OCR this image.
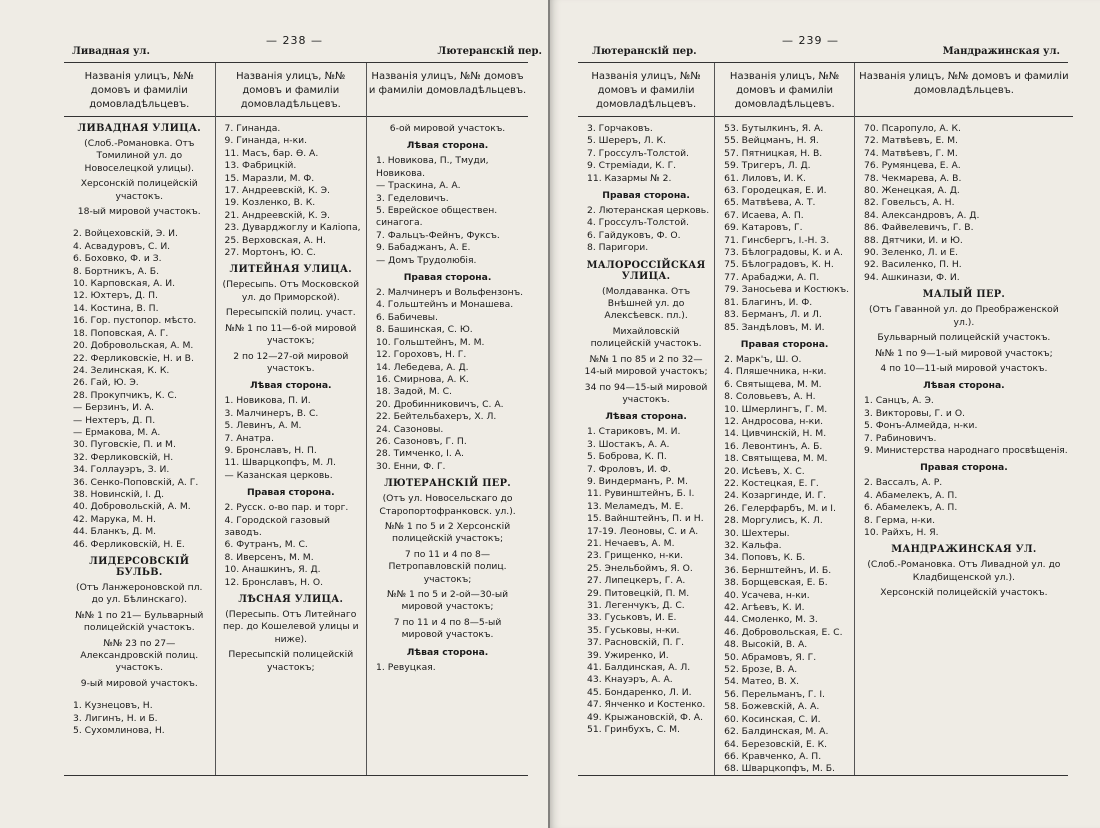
— 238 —
Ливадная ул.	Лютеранскій пер.
Названія улицъ, №№ домовъ и фамиліи домовладѣльцевъ.
ЛИВАДНАЯ УЛИЦА.
(Слоб.-Романовка. Отъ Томилиной ул. до Новоселецкой улицы).
Херсонскій полицейскій участокъ.
18-ый мировой участокъ.
2. Войцеховскій, Э. И.
4. Асвадуровъ, С. И.
6. Боховко, Ф. и З.
8. Бортникъ, А. Б.
10. Карповская, А. И.
12. Юхтеръ, Д. П.
14. Костина, В. П.
16. Гор. пустопор. мѣсто.
18. Поповская, А. Г.
20. Добровольская, А. М.
22. Ферликовскіе, Н. и В.
24. Зелинская, К. К.
26. Гай, Ю. Э.
28. Прокупчикъ, К. С.
— Берзинъ, И. А.
— Нехтеръ, Д. П.
— Ермакова, М. А.
30. Пуговскіе, П. и М.
32. Ферликовскій, Н.
34. Голлауэръ, З. И.
36. Сенко-Поповскій, А. Г.
38. Новинскій, І. Д.
40. Добровольскій, А. М.
42. Марука, М. Н.
44. Бланкъ, Д. М.
46. Ферликовскій, Н. Е.
ЛИДЕРСОВСКІЙ БУЛЬВ.
(Отъ Ланжероновской пл. до ул. Бѣлинскаго).
№№ 1 по 21— Бульварный полицейскій участокъ.
№№ 23 по 27—Александровскій полиц. участокъ.
9-ый мировой участокъ.
1. Кузнецовъ, Н.
3. Лигинъ, Н. и Б.
5. Сухомлинова, Н.
Названія улицъ, №№ домовъ и фамиліи домовладѣльцевъ.
7. Гинанда.
9. Гинанда, н-ки.
11. Масъ, бар. Ѳ. А.
13. Фабрицкій.
15. Маразли, М. Ф.
17. Андреевскій, К. Э.
19. Козленко, В. К.
21. Андреевскій, К. Э.
23. Дуварджоглу и Калiопа,
25. Верховская, А. Н.
27. Мортонъ, Ю. С.
ЛИТЕЙНАЯ УЛИЦА.
(Пересыпь. Отъ Московской ул. до Приморской).
Пересыпскій полиц. участ.
№№ 1 по 11—6-ой мировой участокъ;
2 по 12—27-ой мировой участокъ.
Лѣвая сторона.
1. Новикова, П. И.
3. Малчинеръ, В. С.
5. Левинъ, А. М.
7. Анатра.
9. Бронславъ, Н. П.
11. Шварцкопфъ, М. Л.
— Казанская церковь.
Правая сторона.
2. Русск. о-во пар. и торг.
4. Городской газовый
заводъ.
6. Футранъ, М. С.
8. Иверсенъ, М. М.
10. Анашкинъ, Я. Д.
12. Бронславъ, Н. О.
ЛѢСНАЯ УЛИЦА.
(Пересыпь. Отъ Литейнаго пер. до Кошелевой улицы и ниже).
Пересыпскій полицейскій участокъ;
Названія улицъ, №№ домовъ и фамиліи домовладѣльцевъ.
6-ой мировой участокъ.
Лѣвая сторона.
1. Новикова, П., Тмуди,
Новикова.
— Траскина, А. А.
3. Геделовичъ.
5. Еврейское обществен.
синагога.
7. Фальцъ-Фейнъ, Фуксъ.
9. Бабаджанъ, А. Е.
— Домъ Трудолюбія.
Правая сторона.
2. Малчинеръ и Вольфензонъ.
4. Гольштейнъ и Монашева.
6. Бабичевы.
8. Башинская, С. Ю.
10. Гольштейнъ, М. М.
12. Гороховъ, Н. Г.
14. Лебедева, А. Д.
16. Смирнова, А. К.
18. Задой, М. С.
20. Дробинниковичъ, С. А.
22. Бейтельбахеръ, Х. Л.
24. Сазоновы.
26. Сазоновъ, Г. П.
28. Тимченко, І. А.
30. Енни, Ф. Г.
ЛЮТЕРАНСКІЙ ПЕР.
(Отъ ул. Новосельскаго до Старопортофранковск. ул.).
№№ 1 по 5 и 2 Херсонскій полицейскій участокъ;
7 по 11 и 4 по 8—Петропавловскій полиц. участокъ;
№№ 1 по 5 и 2-ой—30-ый мировой участокъ;
7 по 11 и 4 по 8—5-ый мировой участокъ.
Лѣвая сторона.
1. Ревуцкая.
— 239 —
Лютеранскій пер.	Мандражинская ул.
Названія улицъ, №№ домовъ и фамиліи домовладѣльцевъ.
3. Горчаковъ.
5. Шереръ, Л. К.
7. Гроссулъ-Толстой.
9. Стреміади, К. Г.
11. Казармы № 2.
Правая сторона.
2. Лютеранская церковь.
4. Гроссулъ-Толстой.
6. Гайдуковъ, Ф. О.
8. Паригори.
МАЛОРОССІЙСКАЯ УЛИЦА.
(Молдаванка. Отъ Внѣшней ул. до Алексѣевск. пл.).
Михайловскій полицейскій участокъ.
№№ 1 по 85 и 2 по 32— 14-ый мировой участокъ;
34 по 94—15-ый мировой участокъ.
Лѣвая сторона.
1. Стариковъ, М. И.
3. Шостакъ, А. А.
5. Боброва, К. П.
7. Фроловъ, И. Ф.
9. Виндерманъ, Р. М.
11. Рувинштейнъ, Б. І.
13. Меламедъ, М. Е.
15. Вайнштейнъ, П. и Н.
17-19. Леоновы, С. и А.
21. Нечаевъ, А. М.
23. Грищенко, н-ки.
25. Энельбоймъ, Я. О.
27. Липецкеръ, Г. А.
29. Питовецкій, П. М.
31. Легенчукъ, Д. С.
33. Гуськовъ, И. Е.
35. Гуськовы, н-ки.
37. Расновскій, П. Г.
39. Ужиренко, И.
41. Балдинская, А. Л.
43. Кнауэръ, А. А.
45. Бондаренко, Л. И.
47. Янченко и Костенко.
49. Крыжановскій, Ф. А.
51. Гринбухъ, С. М.
Названія улицъ, №№ домовъ и фамиліи домовладѣльцевъ.
53. Бутылкинъ, Я. А.
55. Вейцманъ, Н. Я.
57. Пятницкая, Н. В.
59. Тригеръ, Л. Д.
61. Лиловъ, И. К.
63. Городецкая, Е. И.
65. Матвѣева, А. Т.
67. Исаева, А. П.
69. Катаровъ, Г.
71. Гинсбергъ, І.-Н. З.
73. Бѣлоградовы, К. и А.
75. Бѣлоградовъ, К. Н.
77. Арабаджи, А. П.
79. Заносьева и Костюкъ.
81. Благинъ, И. Ф.
83. Берманъ, Л. и Л.
85. Зандѣловъ, М. И.
Правая сторона.
2. Марк'ъ, Ш. О.
4. Пляшечника, н-ки.
6. Святыщева, М. М.
8. Соловьевъ, А. Н.
10. Шмерлингъ, Г. М.
12. Андросова, н-ки.
14. Цивчинскій, Н. М.
16. Левонтинъ, А. Б.
18. Святыщева, М. М.
20. Исѣевъ, Х. С.
22. Костецкая, Е. Г.
24. Козаргинде, И. Г.
26. Гелерфарбъ, М. и І.
28. Моргулисъ, К. Л.
30. Шехтеры.
32. Кальфа.
34. Поповъ, К. Б.
36. Бернштейнъ, И. Б.
38. Борщевская, Е. Б.
40. Усачева, н-ки.
42. Агѣевъ, К. И.
44. Смоленко, М. З.
46. Добровольская, Е. С.
48. Высокій, В. А.
50. Абрамовъ, Я. Г.
52. Брозе, В. А.
54. Матео, В. Х.
56. Перельманъ, Г. І.
58. Божевскій, А. А.
60. Косинская, С. И.
62. Балдинская, М. А.
64. Березовскій, Е. К.
66. Кравченко, А. П.
68. Шварцкопфъ, М. Б.
Названія улицъ, №№ домовъ и фамиліи домовладѣльцевъ.
70. Псаропуло, А. К.
72. Матвѣевъ, Е. М.
74. Матвѣевъ, Г. М.
76. Румянцева, Е. А.
78. Чекмарева, А. В.
80. Женецкая, А. Д.
82. Говельсъ, А. Н.
84. Александровъ, А. Д.
86. Файвелевичъ, Г. В.
88. Дятчики, И. и Ю.
90. Зеленко, Л. и Е.
92. Василенко, П. Н.
94. Ашкинази, Ф. И.
МАЛЫЙ ПЕР.
(Отъ Гаванной ул. до Преображенской ул.).
Бульварный полицейскій участокъ.
№№ 1 по 9—1-ый мировой участокъ;
4 по 10—11-ый мировой участокъ.
Лѣвая сторона.
1. Санцъ, А. Э.
3. Викторовы, Г. и О.
5. Фонъ-Алмейда, н-ки.
7. Рабиновичъ.
9. Министерства народнаго просвѣщенія.
Правая сторона.
2. Вассалъ, А. Р.
4. Абамелекъ, А. П.
6. Абамелекъ, А. П.
8. Герма, н-ки.
10. Райхъ, Н. Я.
МАНДРАЖИНСКАЯ УЛ.
(Слоб.-Романовка. Отъ Ливадной ул. до Кладбищенской ул.).
Херсонскій полицейскій участокъ.
